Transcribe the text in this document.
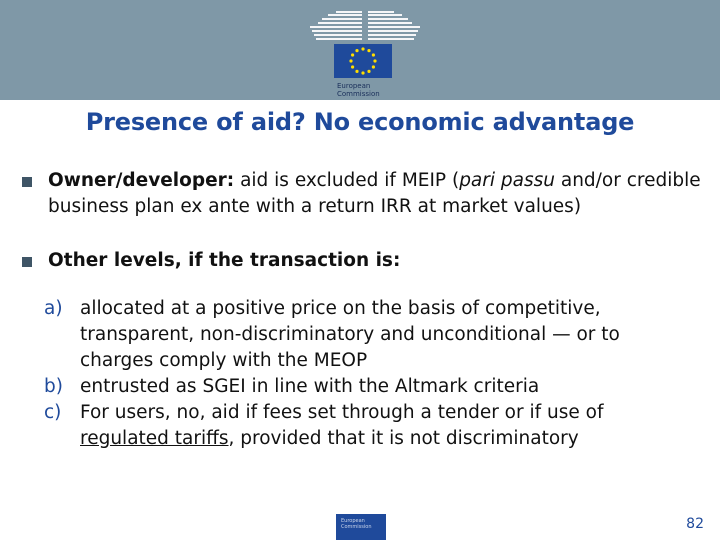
European
Commission
Presence of aid? No economic advantage
Owner/developer: aid is excluded if MEIP (pari passu and/or credible business plan ex ante with a return IRR at market values)
Other levels, if the transaction is:
a) allocated at a positive price on the basis of competitive, transparent, non-discriminatory and unconditional — or to charges comply with the MEOP
b) entrusted as SGEI in line with the Altmark criteria
c) For users, no, aid if fees set through a tender or if use of regulated tariffs, provided that it is not discriminatory
European Commission	82
